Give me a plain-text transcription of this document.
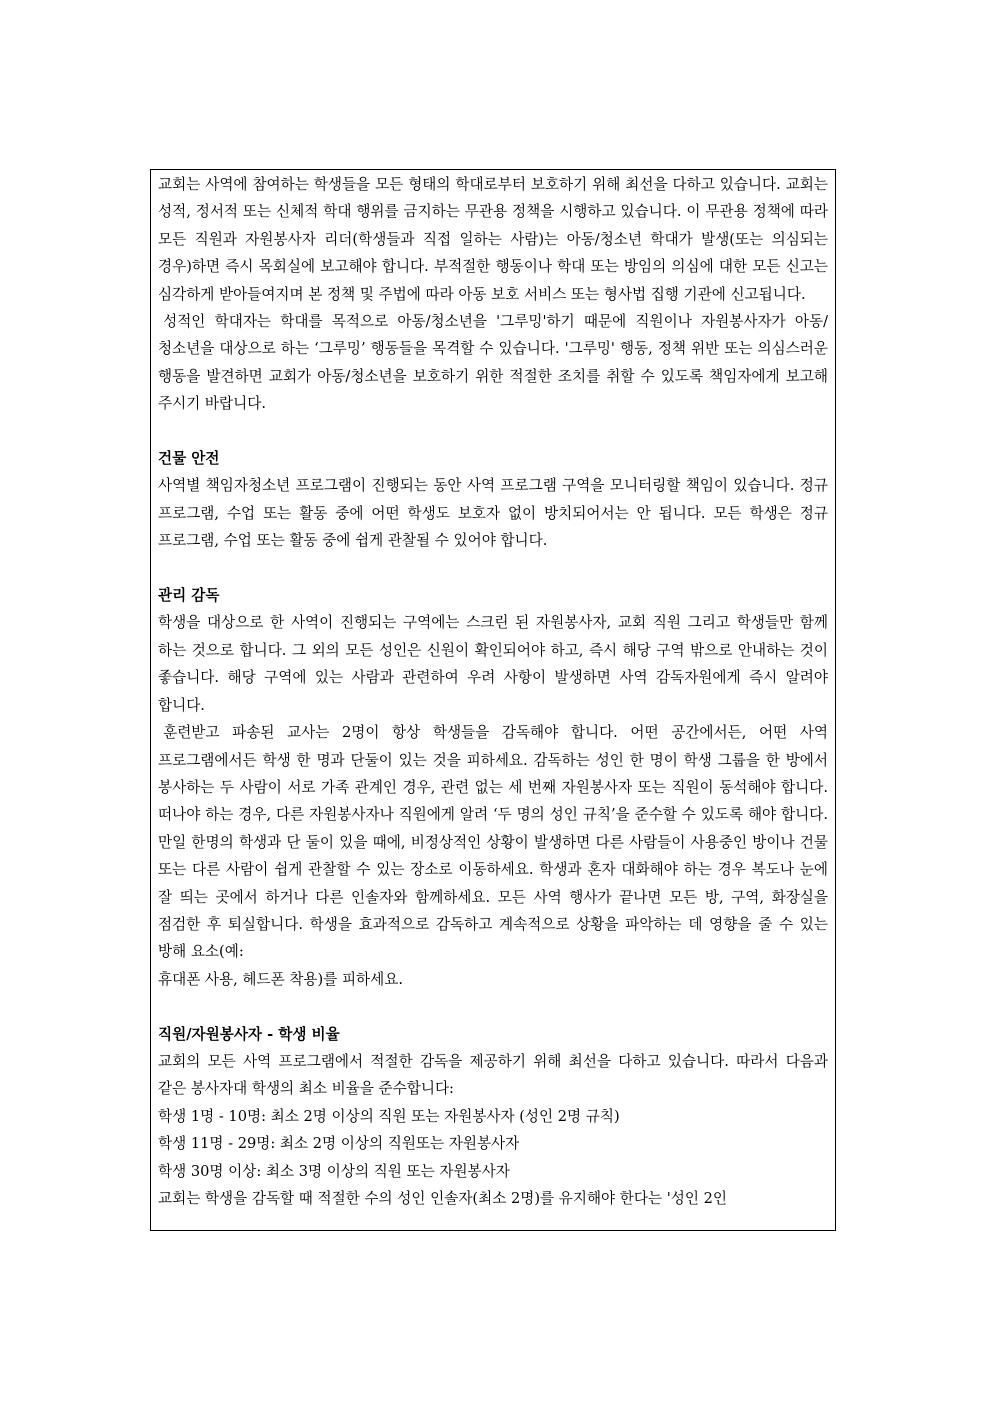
교회는 사역에 참여하는 학생들을 모든 형태의 학대로부터 보호하기 위해 최선을 다하고 있습니다. 교회는 성적, 정서적 또는 신체적 학대 행위를 금지하는 무관용 정책을 시행하고 있습니다. 이 무관용 정책에 따라 모든 직원과 자원봉사자 리더(학생들과 직접 일하는 사람)는 아동/청소년 학대가 발생(또는 의심되는 경우)하면 즉시 목회실에 보고해야 합니다. 부적절한 행동이나 학대 또는 방임의 의심에 대한 모든 신고는 심각하게 받아들여지며 본 정책 및 주법에 따라 아동 보호 서비스 또는 형사법 집행 기관에 신고됩니다.

성적인 학대자는 학대를 목적으로 아동/청소년을 '그루밍'하기 때문에 직원이나 자원봉사자가 아동/청소년을 대상으로 하는 ‘그루밍’ 행동들을 목격할 수 있습니다. '그루밍' 행동, 정책 위반 또는 의심스러운 행동을 발견하면 교회가 아동/청소년을 보호하기 위한 적절한 조치를 취할 수 있도록 책임자에게 보고해 주시기 바랍니다.

건물 안전

사역별 책임자청소년 프로그램이 진행되는 동안 사역 프로그램 구역을 모니터링할 책임이 있습니다. 정규 프로그램, 수업 또는 활동 중에 어떤 학생도 보호자 없이 방치되어서는 안 됩니다. 모든 학생은 정규 프로그램, 수업 또는 활동 중에 쉽게 관찰될 수 있어야 합니다.

관리 감독

학생을 대상으로 한 사역이 진행되는 구역에는 스크린 된 자원봉사자, 교회 직원 그리고 학생들만 함께 하는 것으로 합니다. 그 외의 모든 성인은 신원이 확인되어야 하고, 즉시 해당 구역 밖으로 안내하는 것이 좋습니다. 해당 구역에 있는 사람과 관련하여 우려 사항이 발생하면 사역 감독자원에게 즉시 알려야 합니다.

훈련받고 파송된 교사는 2명이 항상 학생들을 감독해야 합니다. 어떤 공간에서든, 어떤 사역 프로그램에서든 학생 한 명과 단둘이 있는 것을 피하세요. 감독하는 성인 한 명이 학생 그룹을 한 방에서 봉사하는 두 사람이 서로 가족 관계인 경우, 관련 없는 세 번째 자원봉사자 또는 직원이 동석해야 합니다. 떠나야 하는 경우, 다른 자원봉사자나 직원에게 알려 ‘두 명의 성인 규칙’을 준수할 수 있도록 해야 합니다. 만일 한명의 학생과 단 둘이 있을 때에, 비정상적인 상황이 발생하면 다른 사람들이 사용중인 방이나 건물 또는 다른 사람이 쉽게 관찰할 수 있는 장소로 이동하세요. 학생과 혼자 대화해야 하는 경우 복도나 눈에 잘 띄는 곳에서 하거나 다른 인솔자와 함께하세요. 모든 사역 행사가 끝나면 모든 방, 구역, 화장실을 점검한 후 퇴실합니다. 학생을 효과적으로 감독하고 계속적으로 상황을 파악하는 데 영향을 줄 수 있는 방해 요소(예:

휴대폰 사용, 헤드폰 착용)를 피하세요.

직원/자원봉사자 - 학생 비율

교회의 모든 사역 프로그램에서 적절한 감독을 제공하기 위해 최선을 다하고 있습니다. 따라서 다음과 같은 봉사자대 학생의 최소 비율을 준수합니다:

학생 1명 - 10명: 최소 2명 이상의 직원 또는 자원봉사자 (성인 2명 규칙)
학생 11명 - 29명: 최소 2명 이상의 직원또는 자원봉사자
학생 30명 이상: 최소 3명 이상의 직원 또는 자원봉사자
교회는 학생을 감독할 때 적절한 수의 성인 인솔자(최소 2명)를 유지해야 한다는 '성인 2인
